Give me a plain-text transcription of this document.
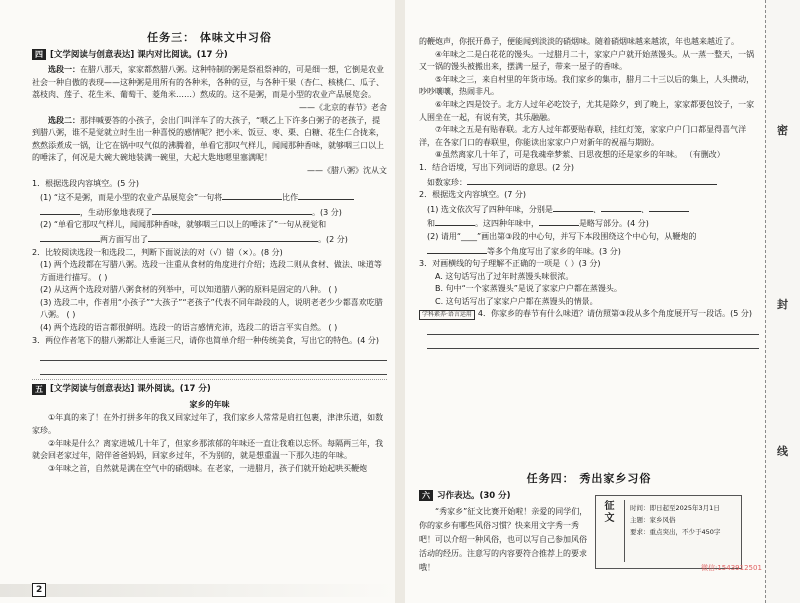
任务三： 体味文中习俗
四 [文学阅读与创意表达] 课内对比阅读。(17 分)

选段一：在腊八那天，家家都熬腊八粥。这种特制的粥是祭祖祭神的，可是细一想，它倒是农业社会一种自傲的表现——这种粥是用所有的各种米，各种的豆，与各种干果（杏仁、核桃仁、瓜子、荔枝肉、莲子、花生米、葡萄干、菱角米……）熬成的。这不是粥，而是小型的农业产品展览会。

——《北京的春节》老舍

选段二：那拌喊要答的小孩子，会出门叫洋车了的大孩子，“喂乙上下许多白粥子的老孩子，提到腊八粥，谁不是觉就立时生出一种喜悦的感情呢？把小米、饭豆、枣、栗、白糖、花生仁合拢来，熬熬添煮成一锅，让它在锅中叹气似的沸腾着，单看它那叹气样儿，闻闻那种香味，就够咽三口以上的唾沫了，何况是大碗大碗地装满一碗里，大起大匙地嗯里塞满呢！

——《腊八粥》沈从文

1．根据选段内容填空。(5 分)

(1) “这不是粥，而是小型的农业产品展览会”一句将	比作

，生动形象地表现了	。(3 分)

(2) “单看它那叹气样儿，闻闻那种香味，就够咽三口以上的唾沫了”一句从视觉和

两方面写出了	。(2 分)

2．比较阅读选段一和选段二，判断下面说法的对（√）错（×）。(8 分)

(1) 两个选段都在写腊八粥。选段一注重从食材的角度进行介绍；选段二则从食材、做法、味道等方面进行描写。 ( )

(2) 从这两个选段对腊八粥食材的列举中，可以知道腊八粥的原料是固定的八种。 ( )

(3) 选段二中，作者用“小孩子”“大孩子”“老孩子”代表不同年龄段的人，说明老老少少都喜欢吃腊八粥。 ( )

(4) 两个选段的语言都很鲜明。选段一的语言感情充沛，选段二的语言平实自然。 ( )

3．两位作者笔下的腊八粥都让人垂涎三尺，请你也简单介绍一种传统美食，写出它的特色。(4 分)

五 [文学阅读与创意表达] 课外阅读。(17 分)
家乡的年味

①年真的来了！在外打拼多年的我又回家过年了，我们家乡人常常是肩扛包裹，津津乐道，如数家珍。

②年味是什么？离家进城几十年了，但家乡那浓郁的年味还一直让我难以忘怀。每隔两三年，我就会回老家过年，陪伴爸爸妈妈，回家乡过年，不为别的，就是想重温一下那久违的年味。

③年味之首，自然就是满在空气中的硝烟味。在老家，一进腊月，孩子们就开始起哄买鞭炮

2

的鞭炮声，你抿开鼻子，便能闻到淡淡的硝烟味。随着硝烟味越来越浓，年也越来越近了。

④年味之二是白花花的馒头。一过腊月二十，家家户户就开始蒸馒头。从一蒸一整天，一锅又一锅的馒头被搬出来，摆满一屋子，带来一屋子的香味。

⑤年味之三，来自村里的年货市场。我们家乡的集市，腊月二十三以后的集上，人头攒动，吵吵嚷嚷，热闹非凡。

⑥年味之四是饺子。北方人过年必吃饺子，尤其是除夕，到了晚上，家家都要包饺子，一家人围坐在一起，有说有笑，其乐融融。

⑦年味之五是有贴春联。北方人过年都要贴春联，挂红灯笼，家家户户门口都显得喜气洋洋，在各家门口的春联里，你能读出家家户户对新年的祝福与期盼。

⑧虽然离家几十年了，可是我魂牵梦萦、日思夜想的还是家乡的年味。 （有删改）

1．结合语境，写出下列词语的意思。(2 分)

如数家珍：

2．根据选文内容填空。(7 分)

(1) 选文依次写了四种年味，分别是	、	、

和	。这四种年味中，	是略写部分。(4 分)

(2) 请用“____”画出第③段的中心句，并写下本段围绕这个中心句，从鞭炮的

等多个角度写出了家乡的年味。(3 分)

3．对画横线的句子理解不正确的一项是（ ）(3 分)

A. 这句话写出了过年时蒸馒头味很浓。

B. 句中“一个家蒸馒头”是说了家家户户都在蒸馒头。

C. 这句话写出了家家户户都在蒸馒头的情景。

学科素养·语言运用 4．你家乡的春节有什么味道？请仿照第③段从多个角度展开写一段话。(5 分)

任务四： 秀出家乡习俗
六 习作表达。(30 分)

“秀家乡”征文比赛开始啦！亲爱的同学们，你的家乡有哪些风俗习惯？快来用文字秀一秀吧！可以介绍一种风俗，也可以写自己参加风俗活动的经历。注意写的内容要符合推荐上的要求哦！

征文	时间：即日起至2025年3月1日
主题：家乡风俗
要求：重点突出，不少于450字
微信:1543912501
密
封
线
